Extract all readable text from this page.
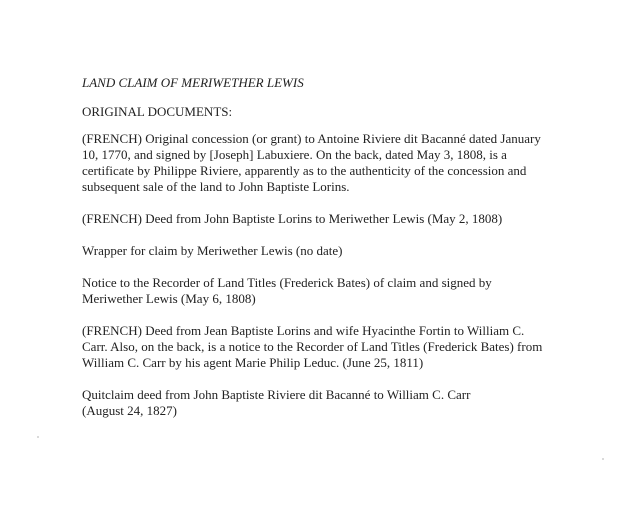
LAND CLAIM OF MERIWETHER LEWIS
ORIGINAL DOCUMENTS:
(FRENCH) Original concession (or grant) to Antoine Riviere dit Bacanné dated January
10, 1770, and signed by [Joseph] Labuxiere. On the back, dated May 3, 1808, is a
certificate by Philippe Riviere, apparently as to the authenticity of the concession and
subsequent sale of the land to John Baptiste Lorins.
(FRENCH) Deed from John Baptiste Lorins to Meriwether Lewis (May 2, 1808)
Wrapper for claim by Meriwether Lewis (no date)
Notice to the Recorder of Land Titles (Frederick Bates) of claim and signed by
Meriwether Lewis (May 6, 1808)
(FRENCH) Deed from Jean Baptiste Lorins and wife Hyacinthe Fortin to William C.
Carr. Also, on the back, is a notice to the Recorder of Land Titles (Frederick Bates) from
William C. Carr by his agent Marie Philip Leduc. (June 25, 1811)
Quitclaim deed from John Baptiste Riviere dit Bacanné to William C. Carr
(August 24, 1827)
